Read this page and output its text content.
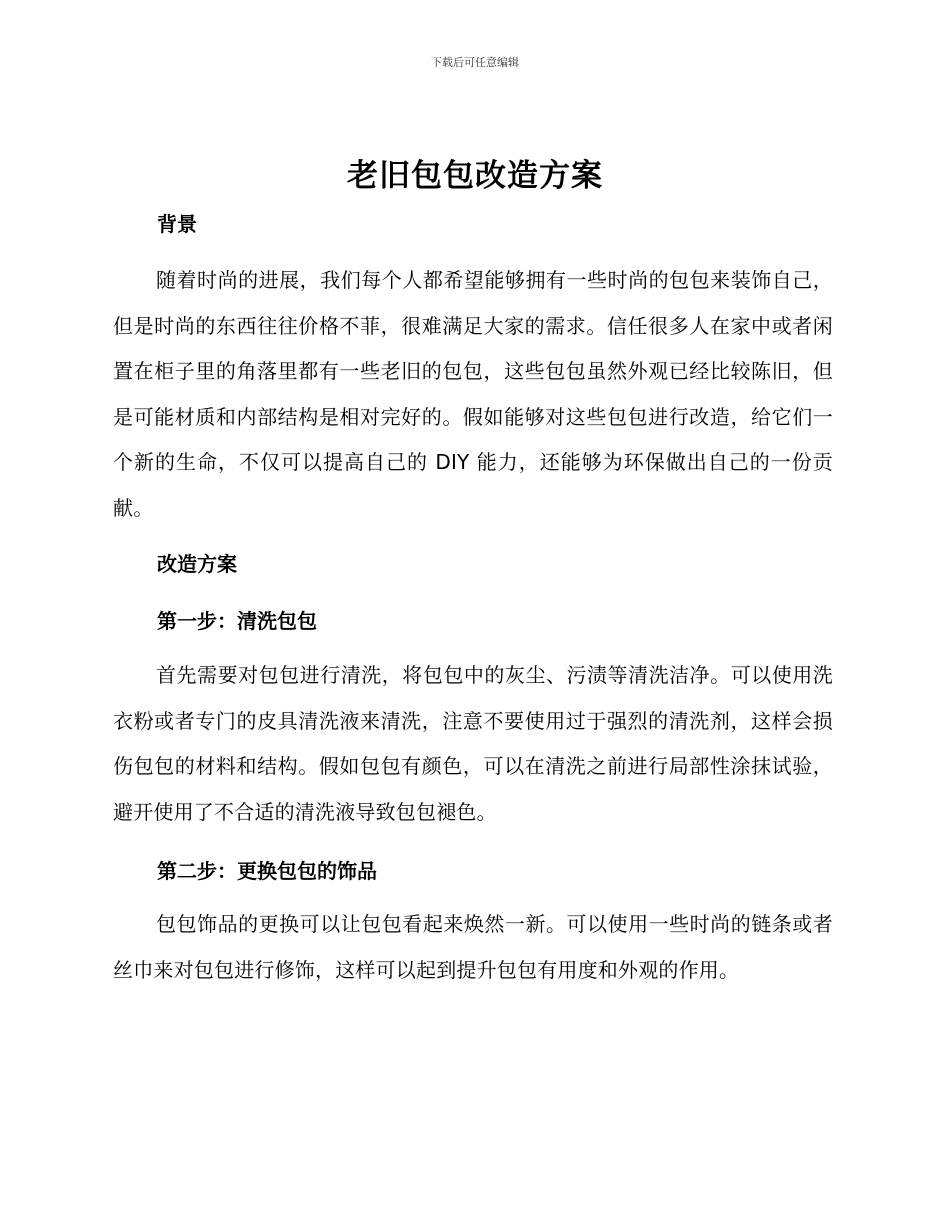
下载后可任意编辑
老旧包包改造方案
背景

随着时尚的进展，我们每个人都希望能够拥有一些时尚的包包来装饰自己，但是时尚的东西往往价格不菲，很难满足大家的需求。信任很多人在家中或者闲置在柜子里的角落里都有一些老旧的包包，这些包包虽然外观已经比较陈旧，但是可能材质和内部结构是相对完好的。假如能够对这些包包进行改造，给它们一个新的生命，不仅可以提高自己的 DIY 能力，还能够为环保做出自己的一份贡献。

改造方案
第一步：清洗包包

首先需要对包包进行清洗，将包包中的灰尘、污渍等清洗洁净。可以使用洗衣粉或者专门的皮具清洗液来清洗，注意不要使用过于强烈的清洗剂，这样会损伤包包的材料和结构。假如包包有颜色，可以在清洗之前进行局部性涂抹试验，避开使用了不合适的清洗液导致包包褪色。

第二步：更换包包的饰品

包包饰品的更换可以让包包看起来焕然一新。可以使用一些时尚的链条或者丝巾来对包包进行修饰，这样可以起到提升包包有用度和外观的作用。
